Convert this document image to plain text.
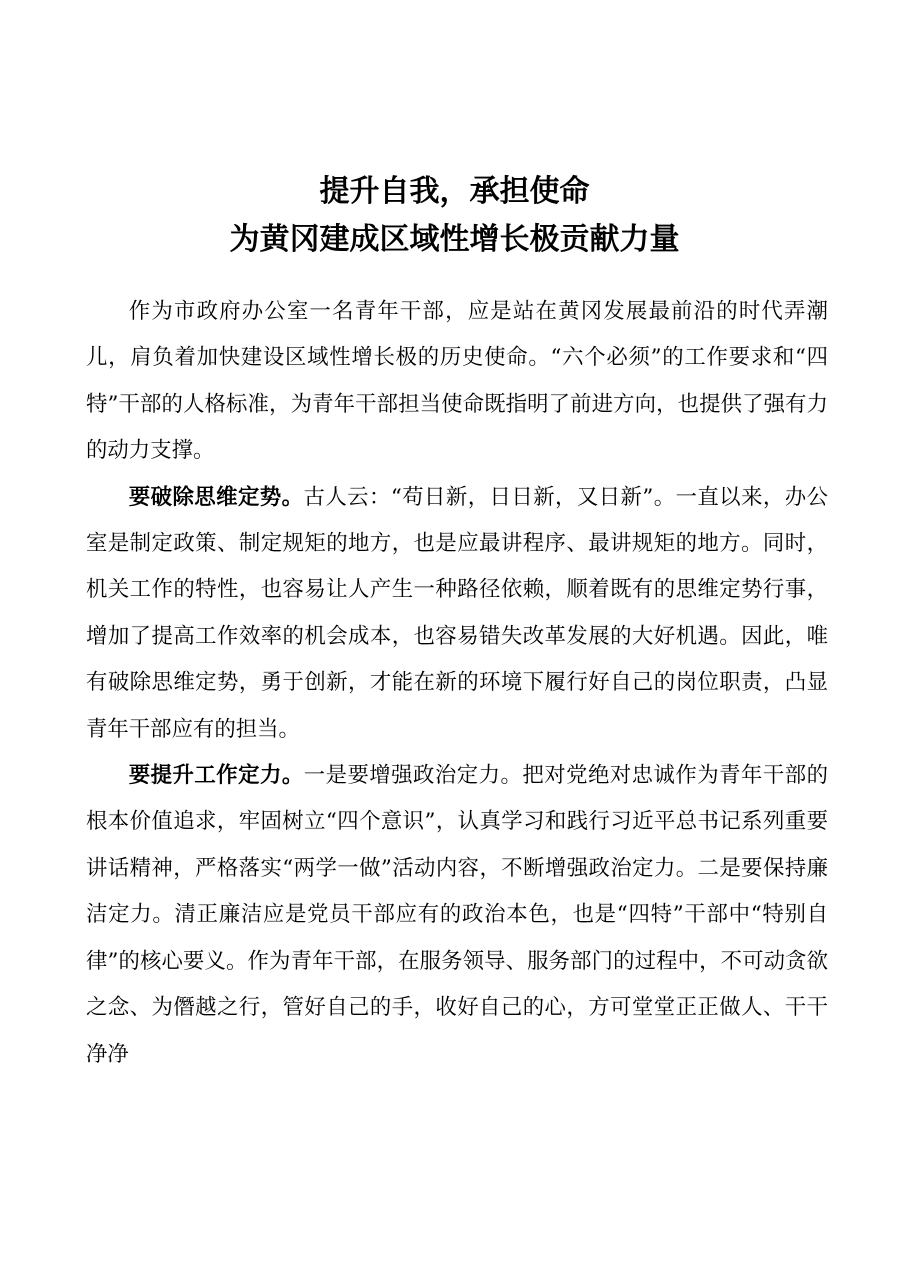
提升自我，承担使命
为黄冈建成区域性增长极贡献力量

作为市政府办公室一名青年干部，应是站在黄冈发展最前沿的时代弄潮儿，肩负着加快建设区域性增长极的历史使命。“六个必须”的工作要求和“四特”干部的人格标准，为青年干部担当使命既指明了前进方向，也提供了强有力的动力支撑。

要破除思维定势。古人云：“苟日新，日日新，又日新”。一直以来，办公室是制定政策、制定规矩的地方，也是应最讲程序、最讲规矩的地方。同时，机关工作的特性，也容易让人产生一种路径依赖，顺着既有的思维定势行事，增加了提高工作效率的机会成本，也容易错失改革发展的大好机遇。因此，唯有破除思维定势，勇于创新，才能在新的环境下履行好自己的岗位职责，凸显青年干部应有的担当。

要提升工作定力。一是要增强政治定力。把对党绝对忠诚作为青年干部的根本价值追求，牢固树立“四个意识”，认真学习和践行习近平总书记系列重要讲话精神，严格落实“两学一做”活动内容，不断增强政治定力。二是要保持廉洁定力。清正廉洁应是党员干部应有的政治本色，也是“四特”干部中“特别自律”的核心要义。作为青年干部，在服务领导、服务部门的过程中，不可动贪欲之念、为僭越之行，管好自己的手，收好自己的心，方可堂堂正正做人、干干净净
